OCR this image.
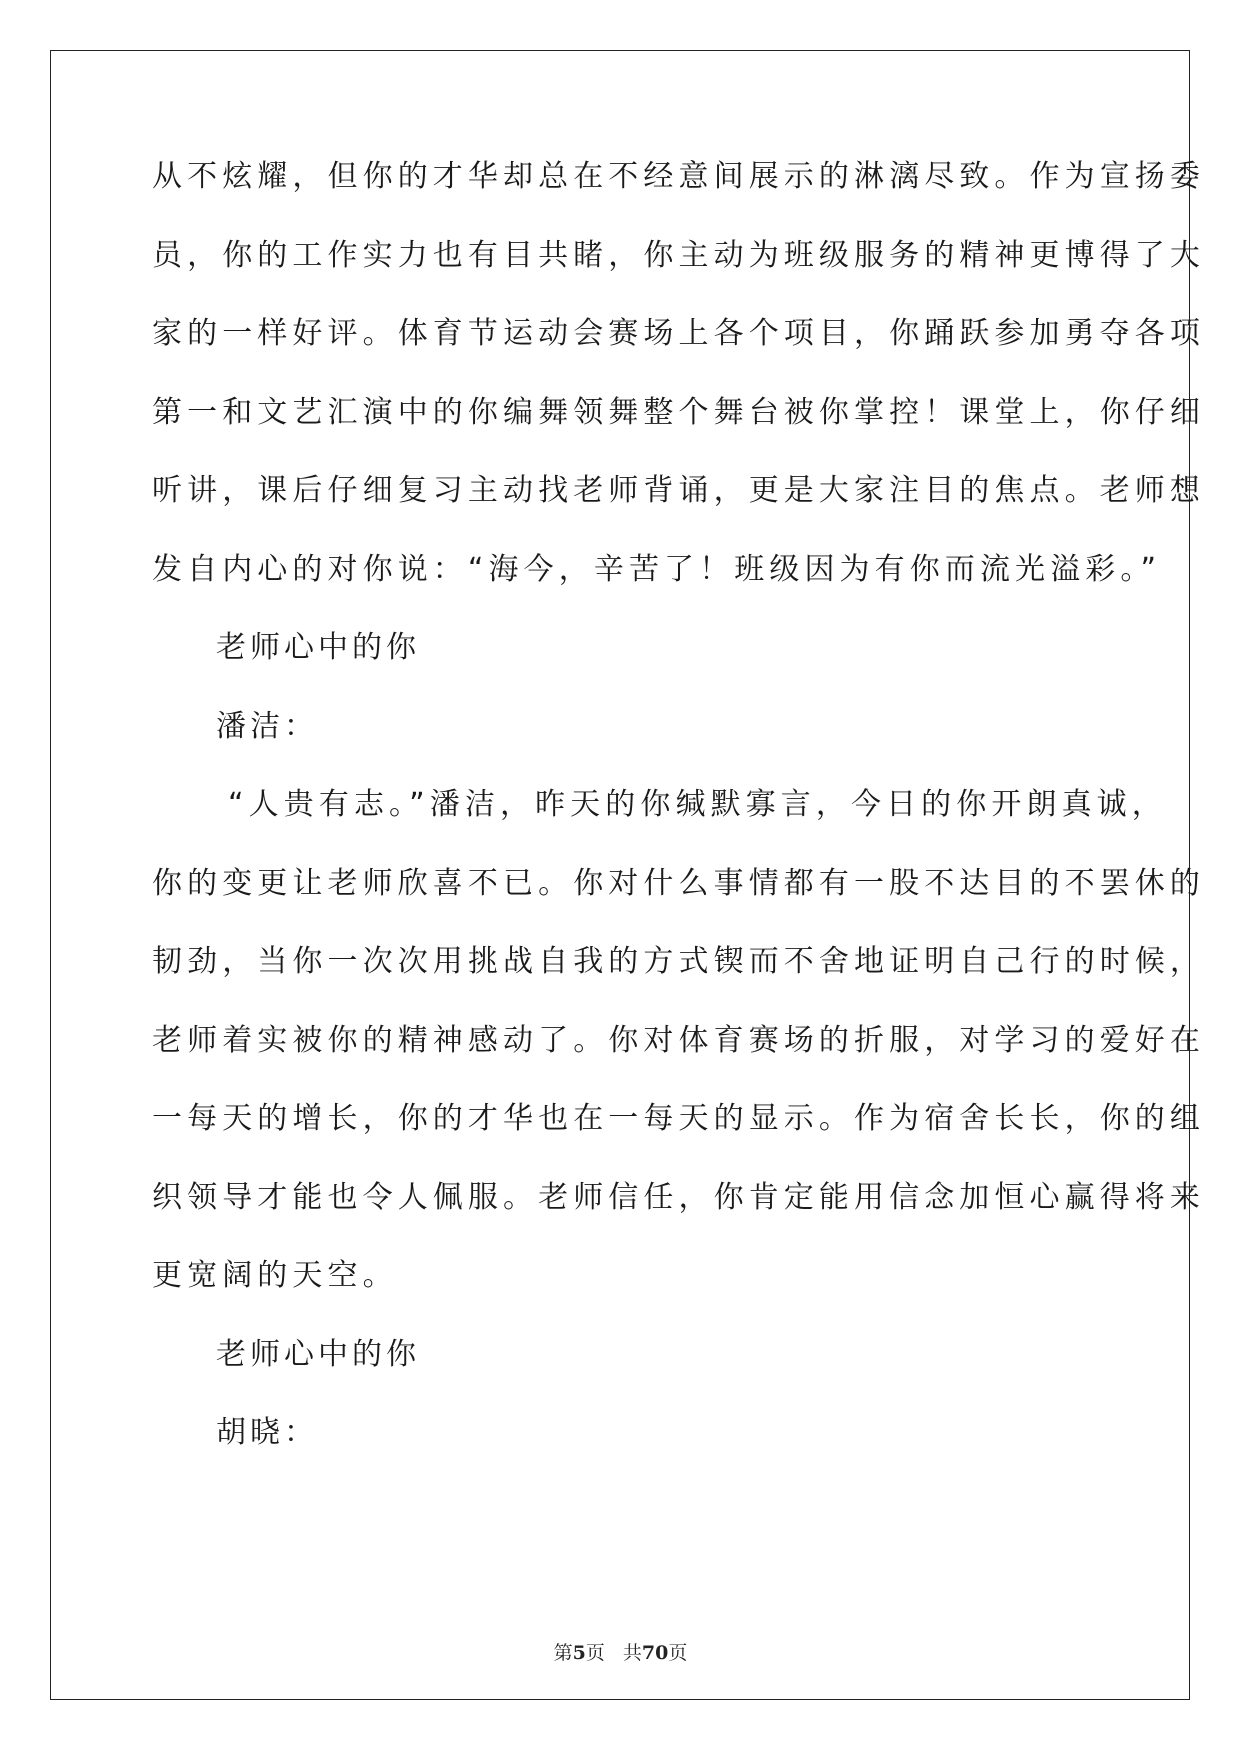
从不炫耀，但你的才华却总在不经意间展示的淋漓尽致。作为宣扬委
员，你的工作实力也有目共睹，你主动为班级服务的精神更博得了大
家的一样好评。体育节运动会赛场上各个项目，你踊跃参加勇夺各项
第一和文艺汇演中的你编舞领舞整个舞台被你掌控！课堂上，你仔细
听讲，课后仔细复习主动找老师背诵，更是大家注目的焦点。老师想
发自内心的对你说：“海今，辛苦了！班级因为有你而流光溢彩。”
老师心中的你
潘洁：
“人贵有志。”潘洁，昨天的你缄默寡言，今日的你开朗真诚，
你的变更让老师欣喜不已。你对什么事情都有一股不达目的不罢休的
韧劲，当你一次次用挑战自我的方式锲而不舍地证明自己行的时候，
老师着实被你的精神感动了。你对体育赛场的折服，对学习的爱好在
一每天的增长，你的才华也在一每天的显示。作为宿舍长长，你的组
织领导才能也令人佩服。老师信任，你肯定能用信念加恒心赢得将来
更宽阔的天空。
老师心中的你
胡晓：
第5页 共70页
